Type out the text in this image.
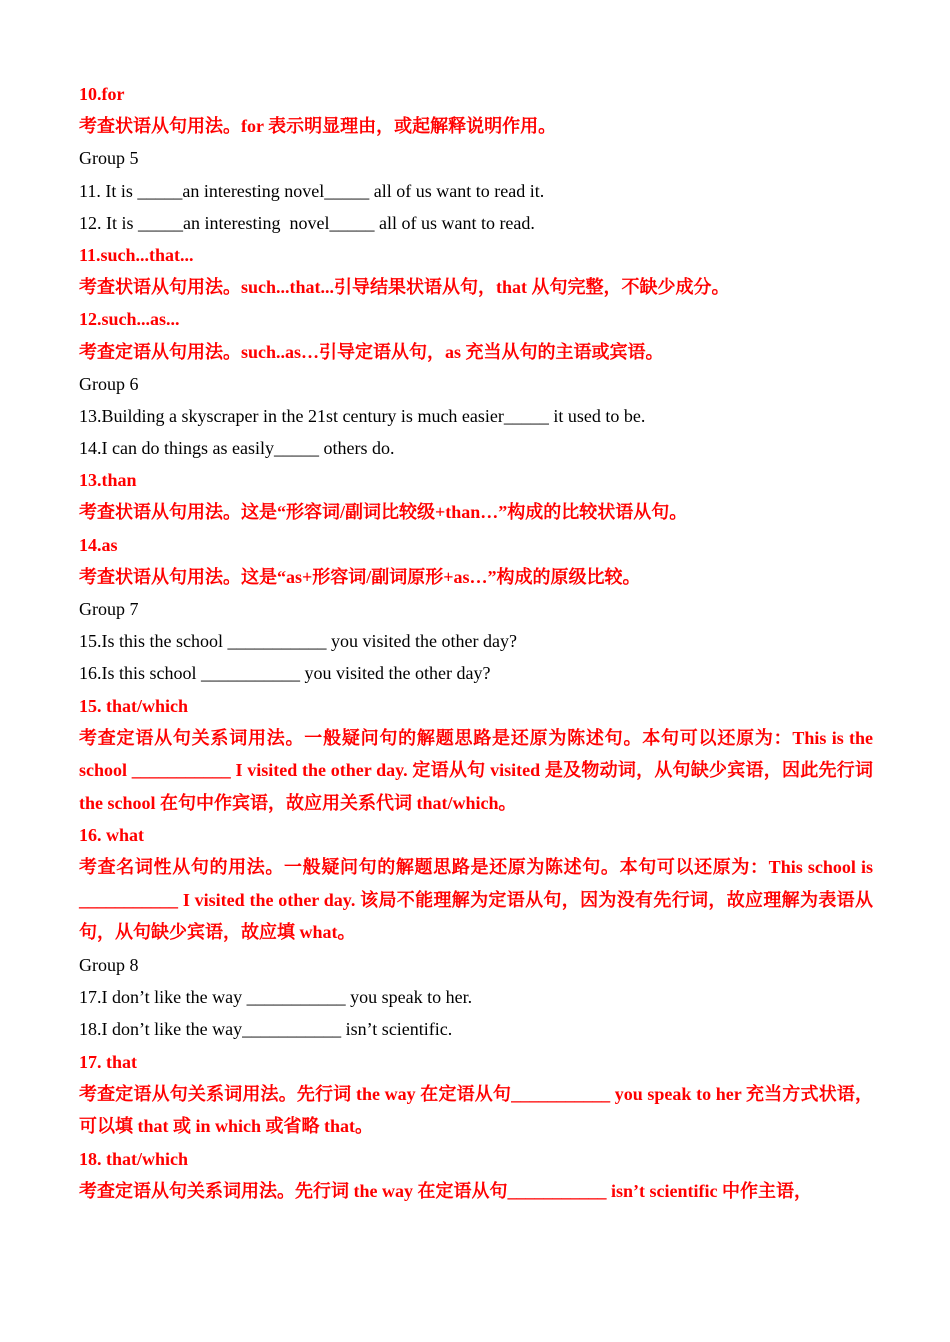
10.for
考查状语从句用法。for 表示明显理由，或起解释说明作用。
Group 5
11. It is _____an interesting novel_____ all of us want to read it.
12. It is _____an interesting  novel_____ all of us want to read.
11.such...that...
考查状语从句用法。such...that...引导结果状语从句，that 从句完整，不缺少成分。
12.such...as...
考查定语从句用法。such..as…引导定语从句，as 充当从句的主语或宾语。
Group 6
13.Building a skyscraper in the 21st century is much easier_____ it used to be.
14.I can do things as easily_____ others do.
13.than
考查状语从句用法。这是“形容词/副词比较级+than…”构成的比较状语从句。
14.as
考查状语从句用法。这是“as+形容词/副词原形+as…”构成的原级比较。
Group 7
15.Is this the school ___________ you visited the other day?
16.Is this school ___________ you visited the other day?
15. that/which
考查定语从句关系词用法。一般疑问句的解题思路是还原为陈述句。本句可以还原为：This is the school ___________ I visited the other day. 定语从句 visited 是及物动词，从句缺少宾语，因此先行词 the school 在句中作宾语，故应用关系代词 that/which。
16. what
考查名词性从句的用法。一般疑问句的解题思路是还原为陈述句。本句可以还原为：This school is ___________ I visited the other day. 该局不能理解为定语从句，因为没有先行词，故应理解为表语从句，从句缺少宾语，故应填 what。
Group 8
17.I don’t like the way ___________ you speak to her.
18.I don’t like the way___________ isn’t scientific.
17. that
考查定语从句关系词用法。先行词 the way 在定语从句___________ you speak to her 充当方式状语，可以填 that 或 in which 或省略 that。
18. that/which
考查定语从句关系词用法。先行词 the way 在定语从句___________ isn’t scientific 中作主语，
